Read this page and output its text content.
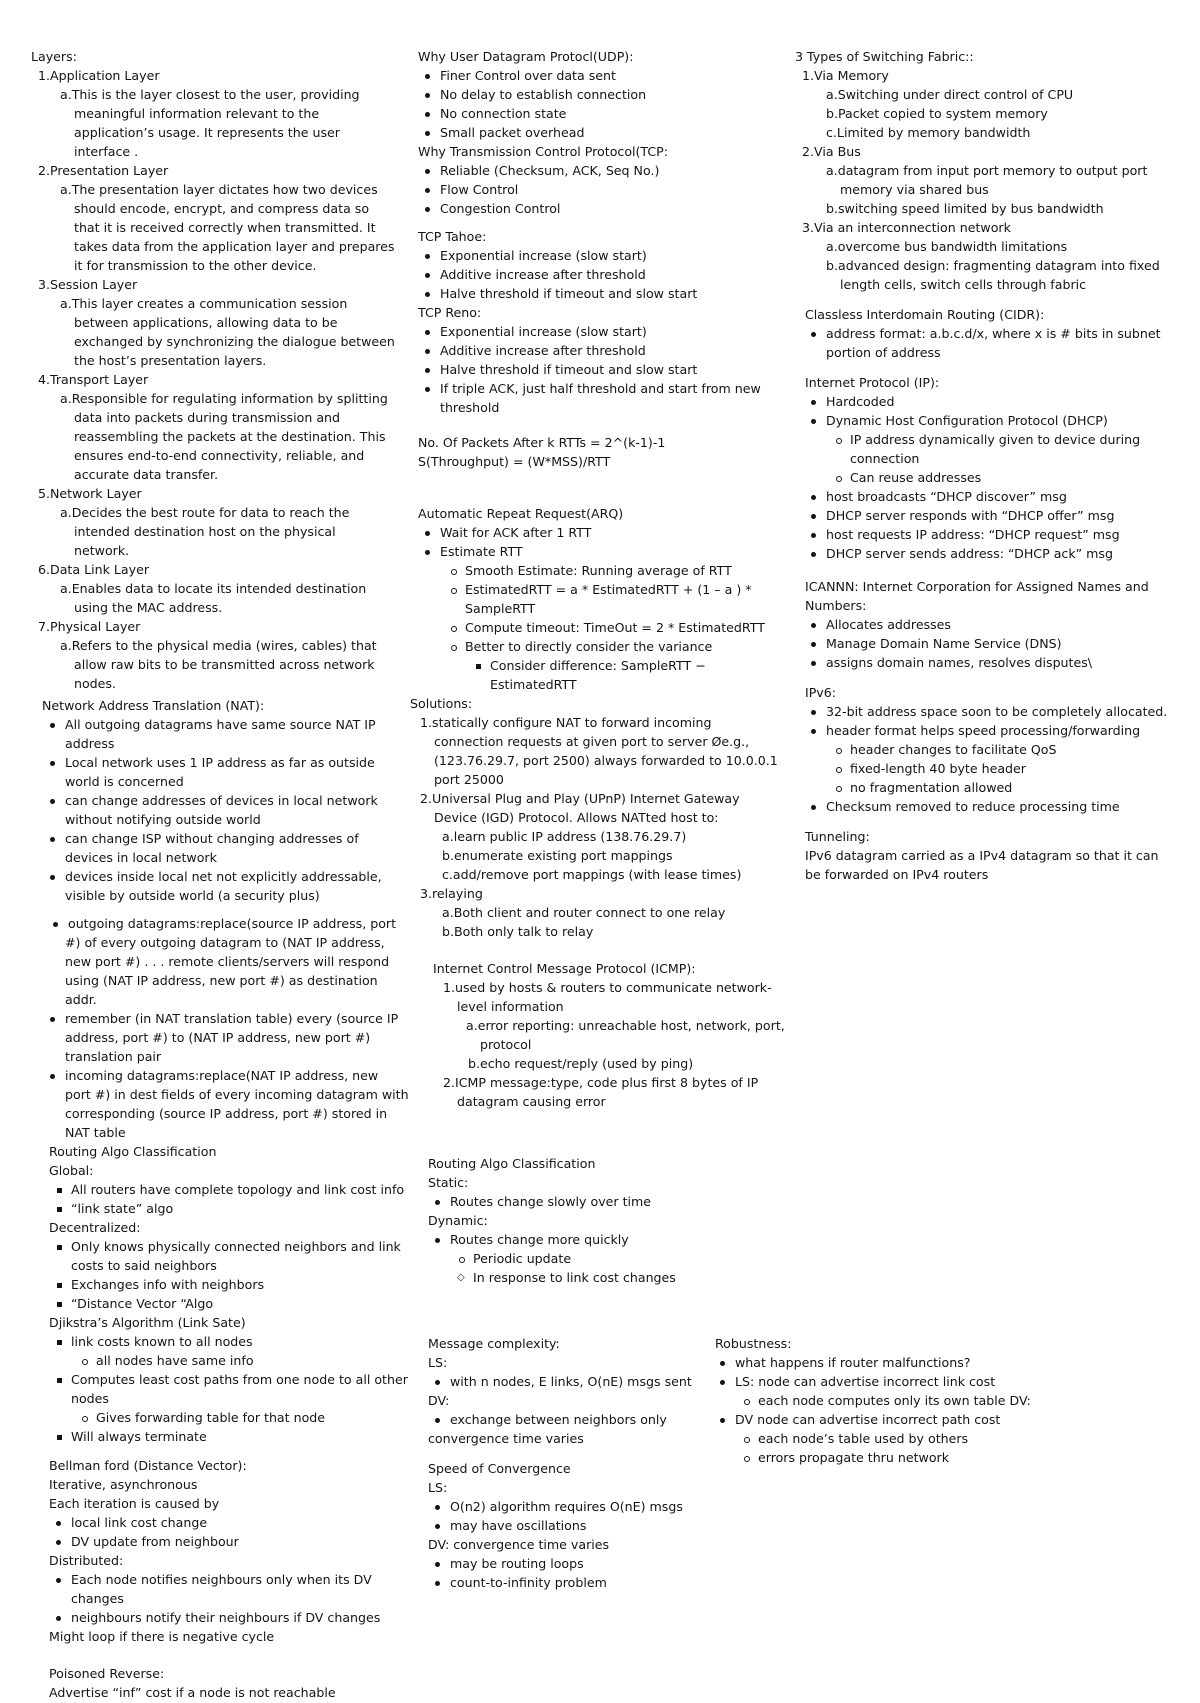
Layers:
1.Application Layer
a.This is the layer closest to the user, providing
meaningful information relevant to the
application’s usage. It represents the user
interface .
2.Presentation Layer
a.The presentation layer dictates how two devices
should encode, encrypt, and compress data so
that it is received correctly when transmitted. It
takes data from the application layer and prepares
it for transmission to the other device.
3.Session Layer
a.This layer creates a communication session
between applications, allowing data to be
exchanged by synchronizing the dialogue between
the host’s presentation layers.
4.Transport Layer
a.Responsible for regulating information by splitting
data into packets during transmission and
reassembling the packets at the destination. This
ensures end-to-end connectivity, reliable, and
accurate data transfer.
5.Network Layer
a.Decides the best route for data to reach the
intended destination host on the physical
network.
6.Data Link Layer
a.Enables data to locate its intended destination
using the MAC address.
7.Physical Layer
a.Refers to the physical media (wires, cables) that
allow raw bits to be transmitted across network
nodes.
Network Address Translation (NAT):
All outgoing datagrams have same source NAT IP
address
Local network uses 1 IP address as far as outside
world is concerned
can change addresses of devices in local network
without notifying outside world
can change ISP without changing addresses of
devices in local network
devices inside local net not explicitly addressable,
visible by outside world (a security plus)
outgoing datagrams:replace(source IP address, port
#) of every outgoing datagram to (NAT IP address,
new port #) . . . remote clients/servers will respond
using (NAT IP address, new port #) as destination
addr.
remember (in NAT translation table) every (source IP
address, port #) to (NAT IP address, new port #)
translation pair
incoming datagrams:replace(NAT IP address, new
port #) in dest fields of every incoming datagram with
corresponding (source IP address, port #) stored in
NAT table
Routing Algo Classification
Global:
All routers have complete topology and link cost info
“link state” algo
Decentralized:
Only knows physically connected neighbors and link
costs to said neighbors
Exchanges info with neighbors
“Distance Vector “Algo
Djikstra’s Algorithm (Link Sate)
link costs known to all nodes
all nodes have same info
Computes least cost paths from one node to all other
nodes
Gives forwarding table for that node
Will always terminate
Bellman ford (Distance Vector):
Iterative, asynchronous
Each iteration is caused by
local link cost change
DV update from neighbour
Distributed:
Each node notifies neighbours only when its DV
changes
neighbours notify their neighbours if DV changes
Might loop if there is negative cycle
Poisoned Reverse:
Advertise “inf” cost if a node is not reachable
Why User Datagram Protocl(UDP):
Finer Control over data sent
No delay to establish connection
No connection state
Small packet overhead
Why Transmission Control Protocol(TCP:
Reliable (Checksum, ACK, Seq No.)
Flow Control
Congestion Control
TCP Tahoe:
Exponential increase (slow start)
Additive increase after threshold
Halve threshold if timeout and slow start
TCP Reno:
Exponential increase (slow start)
Additive increase after threshold
Halve threshold if timeout and slow start
If triple ACK, just half threshold and start from new
threshold
No. Of Packets After k RTTs = 2^(k-1)-1
S(Throughput) = (W*MSS)/RTT
Automatic Repeat Request(ARQ)
Wait for ACK after 1 RTT
Estimate RTT
Smooth Estimate: Running average of RTT
EstimatedRTT = a * EstimatedRTT + (1 – a ) *
SampleRTT
Compute timeout: TimeOut = 2 * EstimatedRTT
Better to directly consider the variance
Consider difference: SampleRTT −
EstimatedRTT
Solutions:
1.statically configure NAT to forward incoming
connection requests at given port to server Øe.g.,
(123.76.29.7, port 2500) always forwarded to 10.0.0.1
port 25000
2.Universal Plug and Play (UPnP) Internet Gateway
Device (IGD) Protocol. Allows NATted host to:
a.learn public IP address (138.76.29.7)
b.enumerate existing port mappings
c.add/remove port mappings (with lease times)
3.relaying
a.Both client and router connect to one relay
b.Both only talk to relay
Internet Control Message Protocol (ICMP):
1.used by hosts & routers to communicate network-
level information
a.error reporting: unreachable host, network, port,
protocol
b.echo request/reply (used by ping)
2.ICMP message:type, code plus first 8 bytes of IP
datagram causing error
Routing Algo Classification
Static:
Routes change slowly over time
Dynamic:
Routes change more quickly
Periodic update
◇ In response to link cost changes
Message complexity:
LS:
with n nodes, E links, O(nE) msgs sent
DV:
exchange between neighbors only
convergence time varies
Speed of Convergence
LS:
O(n2) algorithm requires O(nE) msgs
may have oscillations
DV: convergence time varies
may be routing loops
count-to-infinity problem
3 Types of Switching Fabric::
1.Via Memory
a.Switching under direct control of CPU
b.Packet copied to system memory
c.Limited by memory bandwidth
2.Via Bus
a.datagram from input port memory to output port
memory via shared bus
b.switching speed limited by bus bandwidth
3.Via an interconnection network
a.overcome bus bandwidth limitations
b.advanced design: fragmenting datagram into fixed
length cells, switch cells through fabric
Classless Interdomain Routing (CIDR):
address format: a.b.c.d/x, where x is # bits in subnet
portion of address
Internet Protocol (IP):
Hardcoded
Dynamic Host Configuration Protocol (DHCP)
IP address dynamically given to device during
connection
Can reuse addresses
host broadcasts “DHCP discover” msg
DHCP server responds with “DHCP offer” msg
host requests IP address: “DHCP request” msg
DHCP server sends address: “DHCP ack” msg
ICANNN: Internet Corporation for Assigned Names and
Numbers:
Allocates addresses
Manage Domain Name Service (DNS)
assigns domain names, resolves disputes\
IPv6:
32-bit address space soon to be completely allocated.
header format helps speed processing/forwarding
header changes to facilitate QoS
fixed-length 40 byte header
no fragmentation allowed
Checksum removed to reduce processing time
Tunneling:
IPv6 datagram carried as a IPv4 datagram so that it can
be forwarded on IPv4 routers
Robustness:
what happens if router malfunctions?
LS: node can advertise incorrect link cost
each node computes only its own table DV:
DV node can advertise incorrect path cost
each node’s table used by others
errors propagate thru network
